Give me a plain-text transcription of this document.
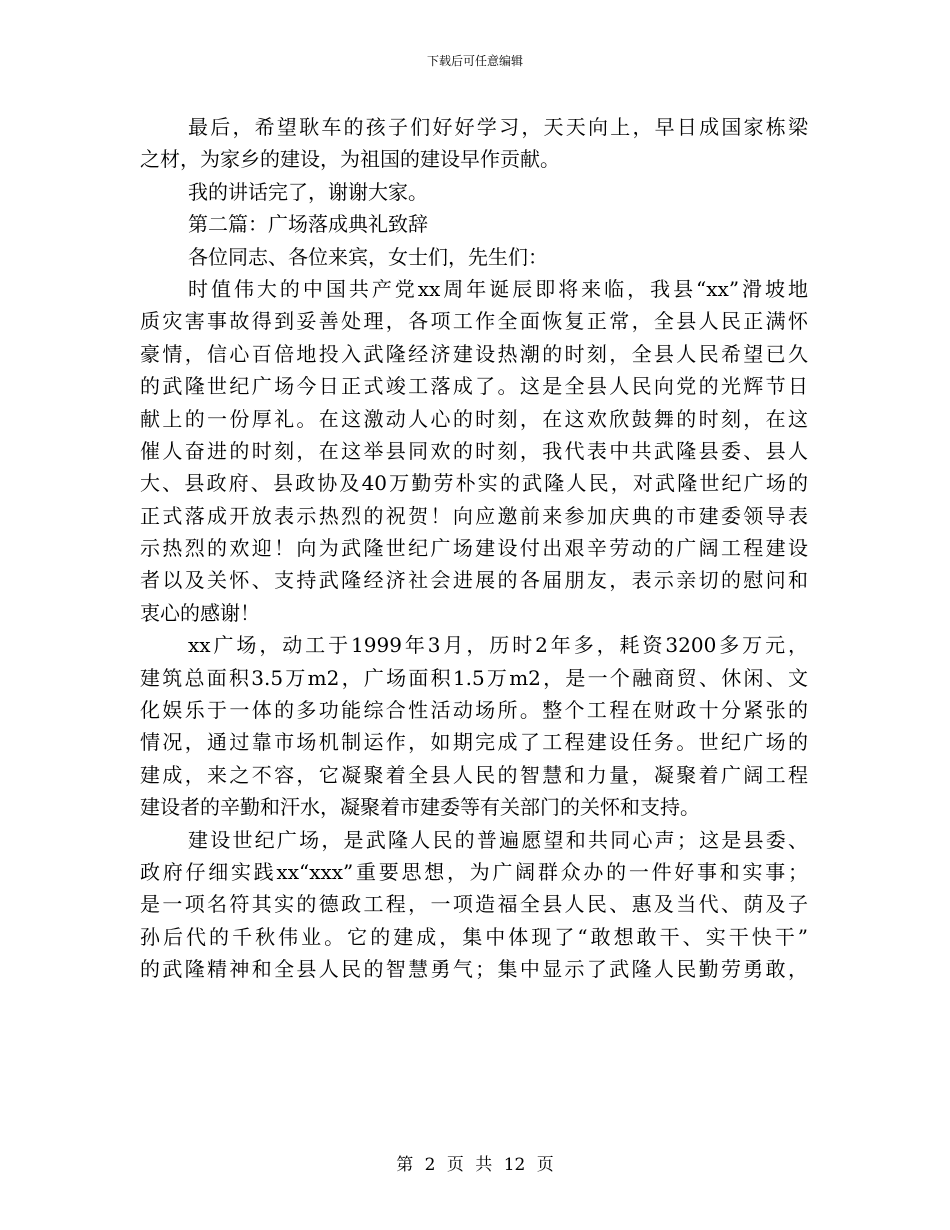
下载后可任意编辑
最后，希望耿车的孩子们好好学习，天天向上，早日成国家栋梁
之材，为家乡的建设，为祖国的建设早作贡献。
我的讲话完了，谢谢大家。
第二篇：广场落成典礼致辞
各位同志、各位来宾，女士们，先生们：
时值伟大的中国共产党xx周年诞辰即将来临，我县“xx”滑坡地
质灾害事故得到妥善处理，各项工作全面恢复正常，全县人民正满怀
豪情，信心百倍地投入武隆经济建设热潮的时刻，全县人民希望已久
的武隆世纪广场今日正式竣工落成了。这是全县人民向党的光辉节日
献上的一份厚礼。在这激动人心的时刻，在这欢欣鼓舞的时刻，在这
催人奋进的时刻，在这举县同欢的时刻，我代表中共武隆县委、县人
大、县政府、县政协及40万勤劳朴实的武隆人民，对武隆世纪广场的
正式落成开放表示热烈的祝贺！向应邀前来参加庆典的市建委领导表
示热烈的欢迎！向为武隆世纪广场建设付出艰辛劳动的广阔工程建设
者以及关怀、支持武隆经济社会进展的各届朋友，表示亲切的慰问和
衷心的感谢！
xx广场，动工于1999年3月，历时2年多，耗资3200多万元，
建筑总面积3.5万m2，广场面积1.5万m2，是一个融商贸、休闲、文
化娱乐于一体的多功能综合性活动场所。整个工程在财政十分紧张的
情况，通过靠市场机制运作，如期完成了工程建设任务。世纪广场的
建成，来之不容，它凝聚着全县人民的智慧和力量，凝聚着广阔工程
建设者的辛勤和汗水，凝聚着市建委等有关部门的关怀和支持。
建设世纪广场，是武隆人民的普遍愿望和共同心声；这是县委、
政府仔细实践xx“xxx”重要思想，为广阔群众办的一件好事和实事；
是一项名符其实的德政工程，一项造福全县人民、惠及当代、荫及子
孙后代的千秋伟业。它的建成，集中体现了“敢想敢干、实干快干”
的武隆精神和全县人民的智慧勇气；集中显示了武隆人民勤劳勇敢，
第 2 页 共 12 页
